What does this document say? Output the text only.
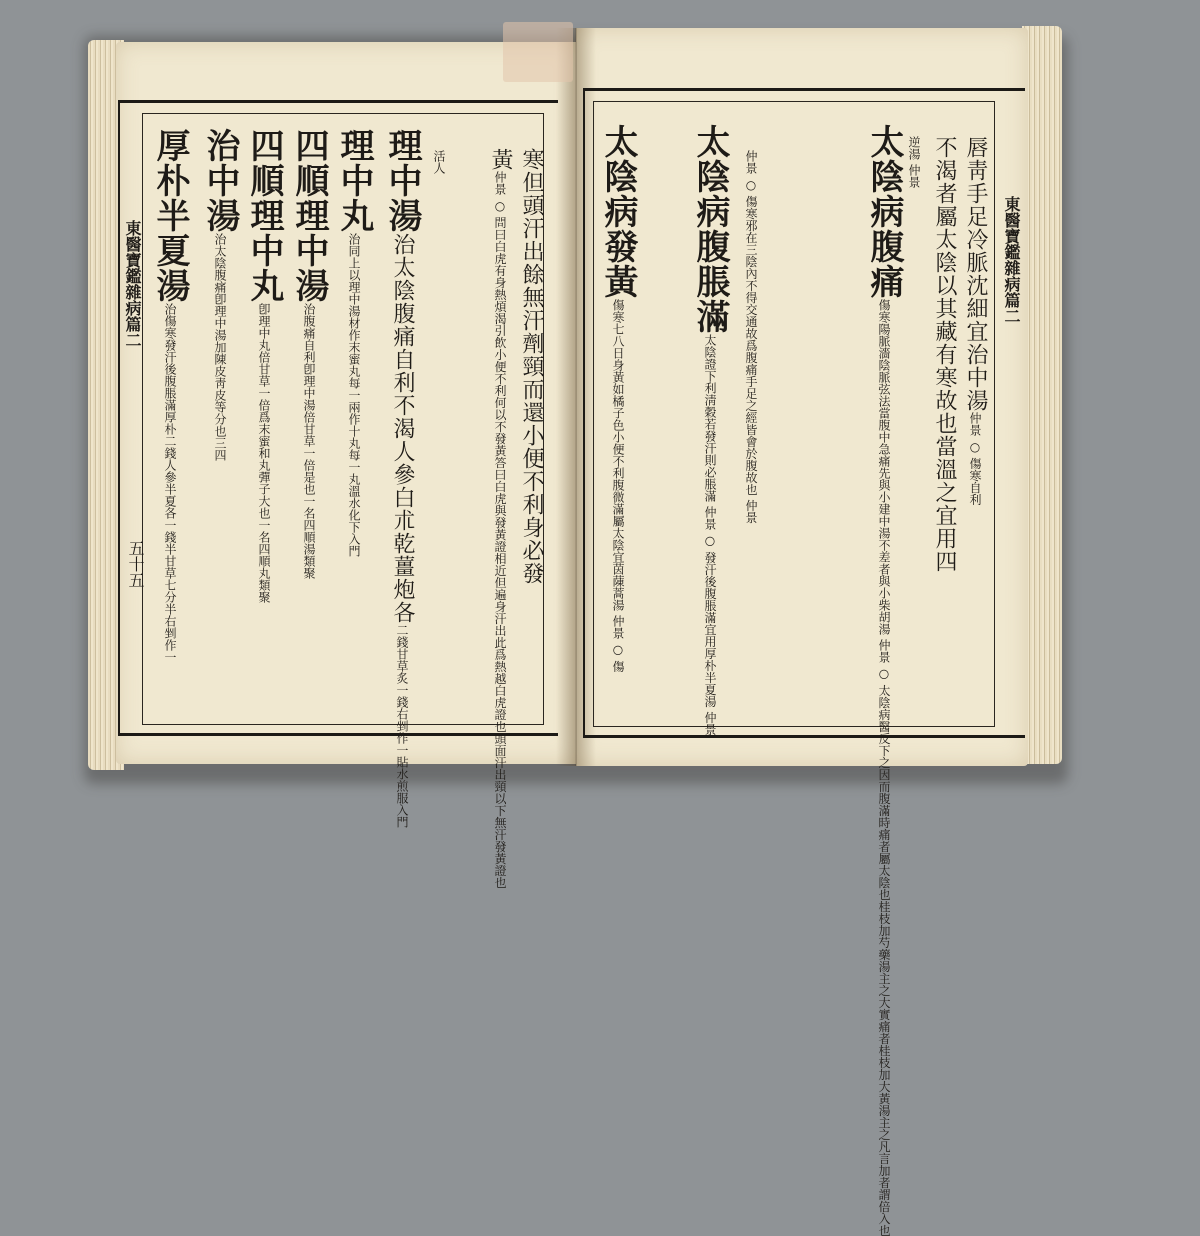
東醫寶鑑雜病篇二
五十五	寒但頭汗出餘無汗劑頸而還小便不利身必發
黃仲景 ○ 問曰白虎有身熱煩渴引飲小便不利何以不發黃答曰白虎與發黃證相近但遍身汗出此爲熱越白虎證也頭面汗出頸以下無汗發黃證也
活人
理中湯治太陰腹痛自利不渴人參白朮乾薑炮各二錢甘草炙一錢右剉作一貼水煎服入門
理中丸治同上以理中湯材作末蜜丸每一兩作十丸每一丸溫水化下入門
四順理中湯治腹痛自利卽理中湯倍甘草一倍是也一名四順湯類聚
四順理中丸卽理中丸倍甘草一倍爲末蜜和丸彈子大也一名四順丸類聚
治中湯治太陰腹痛卽理中湯加陳皮靑皮等分也三四
厚朴半夏湯治傷寒發汗後腹脹滿厚朴二錢人參半夏各一錢半甘草七分半右剉作一
東醫寶鑑雜病篇二
唇靑手足冷脈沈細宜治中湯仲景 ○ 傷寒自利
不渴者屬太陰以其藏有寒故也當溫之宜用四
逆湯 仲景
太陰病腹痛傷寒陽脈濇陰脈弦法當腹中急痛先與小建中湯不差者與小柴胡湯 仲景 ○ 太陰病醫反下之因而腹滿時痛者屬太陰也桂枝加芍藥湯主之大實痛者桂枝加大黃湯主之凡言加者謂倍入也
仲景 ○ 傷寒邪在三陰內不得交通故爲腹痛手足之經皆會於腹故也 仲景
太陰病腹脹滿太陰證下利淸穀若發汗則必脹滿 仲景 ○ 發汗後腹脹滿宜用厚朴半夏湯 仲景
太陰病發黃傷寒七八日身黃如橘子色小便不利腹微滿屬太陰宜茵蔯蒿湯 仲景 ○ 傷
